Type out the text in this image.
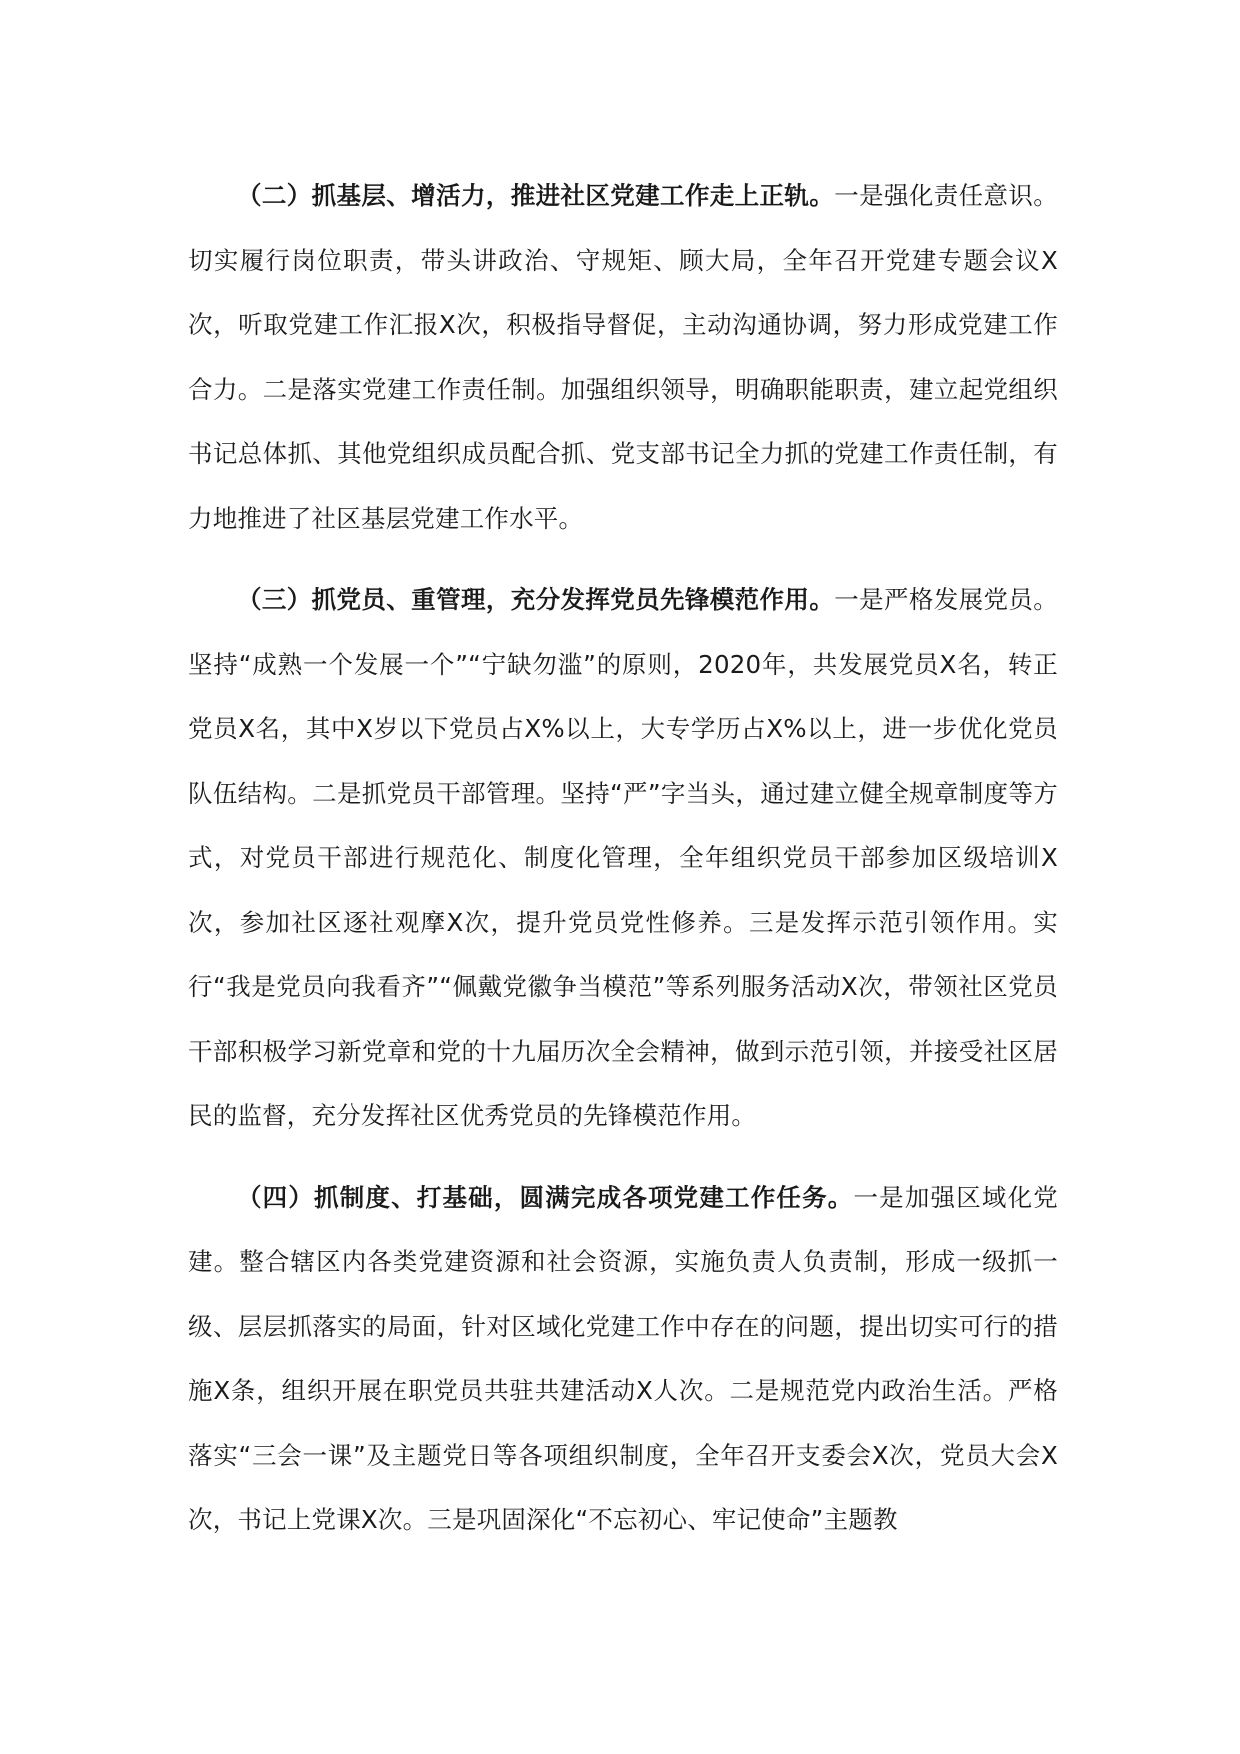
（二）抓基层、增活力，推进社区党建工作走上正轨。一是强化责任意识。切实履行岗位职责，带头讲政治、守规矩、顾大局，全年召开党建专题会议X次，听取党建工作汇报X次，积极指导督促，主动沟通协调，努力形成党建工作合力。二是落实党建工作责任制。加强组织领导，明确职能职责，建立起党组织书记总体抓、其他党组织成员配合抓、党支部书记全力抓的党建工作责任制，有力地推进了社区基层党建工作水平。

（三）抓党员、重管理，充分发挥党员先锋模范作用。一是严格发展党员。坚持“成熟一个发展一个”“宁缺勿滥”的原则，2020年，共发展党员X名，转正党员X名，其中X岁以下党员占X%以上，大专学历占X%以上，进一步优化党员队伍结构。二是抓党员干部管理。坚持“严”字当头，通过建立健全规章制度等方式，对党员干部进行规范化、制度化管理，全年组织党员干部参加区级培训X次，参加社区逐社观摩X次，提升党员党性修养。三是发挥示范引领作用。实行“我是党员向我看齐”“佩戴党徽争当模范”等系列服务活动X次，带领社区党员干部积极学习新党章和党的十九届历次全会精神，做到示范引领，并接受社区居民的监督，充分发挥社区优秀党员的先锋模范作用。

（四）抓制度、打基础，圆满完成各项党建工作任务。一是加强区域化党建。整合辖区内各类党建资源和社会资源，实施负责人负责制，形成一级抓一级、层层抓落实的局面，针对区域化党建工作中存在的问题，提出切实可行的措施X条，组织开展在职党员共驻共建活动X人次。二是规范党内政治生活。严格落实“三会一课”及主题党日等各项组织制度，全年召开支委会X次，党员大会X次，书记上党课X次。三是巩固深化“不忘初心、牢记使命”主题教
